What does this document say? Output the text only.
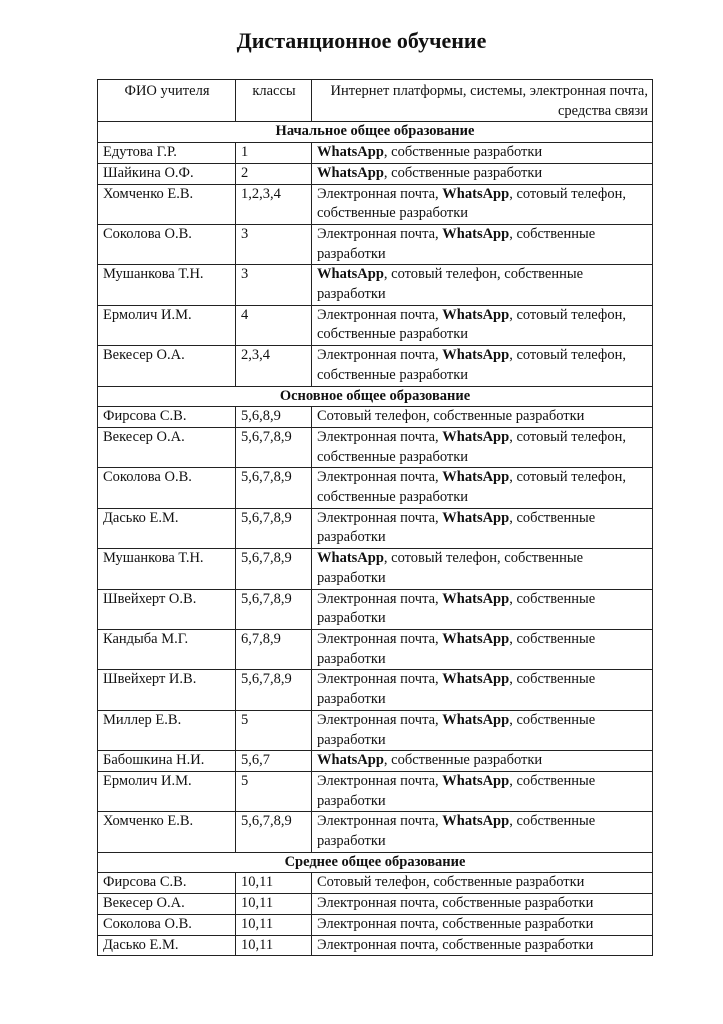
Дистанционное обучение
ФИО учителя	классы	Интернет платформы, системы, электронная почта, средства связи
Начальное общее образование		
Едутова Г.Р.	1	WhatsApp, собственные разработки
Шайкина О.Ф.	2	WhatsApp, собственные разработки
Хомченко Е.В.	1,2,3,4	Электронная почта, WhatsApp, сотовый телефон, собственные разработки
Соколова О.В.	3	Электронная почта, WhatsApp, собственные разработки
Мушанкова Т.Н.	3	WhatsApp, сотовый телефон, собственные разработки
Ермолич И.М.	4	Электронная почта, WhatsApp, сотовый телефон, собственные разработки
Векесер О.А.	2,3,4	Электронная почта, WhatsApp, сотовый телефон, собственные разработки
Основное общее образование		
Фирсова С.В.	5,6,8,9	Сотовый телефон, собственные разработки
Векесер О.А.	5,6,7,8,9	Электронная почта, WhatsApp, сотовый телефон, собственные разработки
Соколова О.В.	5,6,7,8,9	Электронная почта, WhatsApp, сотовый телефон, собственные разработки
Дасько Е.М.	5,6,7,8,9	Электронная почта, WhatsApp, собственные разработки
Мушанкова Т.Н.	5,6,7,8,9	WhatsApp, сотовый телефон, собственные разработки
Швейхерт О.В.	5,6,7,8,9	Электронная почта, WhatsApp, собственные разработки
Кандыба М.Г.	6,7,8,9	Электронная почта, WhatsApp, собственные разработки
Швейхерт И.В.	5,6,7,8,9	Электронная почта, WhatsApp, собственные разработки
Миллер Е.В.	5	Электронная почта, WhatsApp, собственные разработки
Бабошкина Н.И.	5,6,7	WhatsApp, собственные разработки
Ермолич И.М.	5	Электронная почта, WhatsApp, собственные разработки
Хомченко Е.В.	5,6,7,8,9	Электронная почта, WhatsApp, собственные разработки
Среднее общее образование		
Фирсова С.В.	10,11	Сотовый телефон, собственные разработки
Векесер О.А.	10,11	Электронная почта, собственные разработки
Соколова О.В.	10,11	Электронная почта, собственные разработки
Дасько Е.М.	10,11	Электронная почта, собственные разработки
